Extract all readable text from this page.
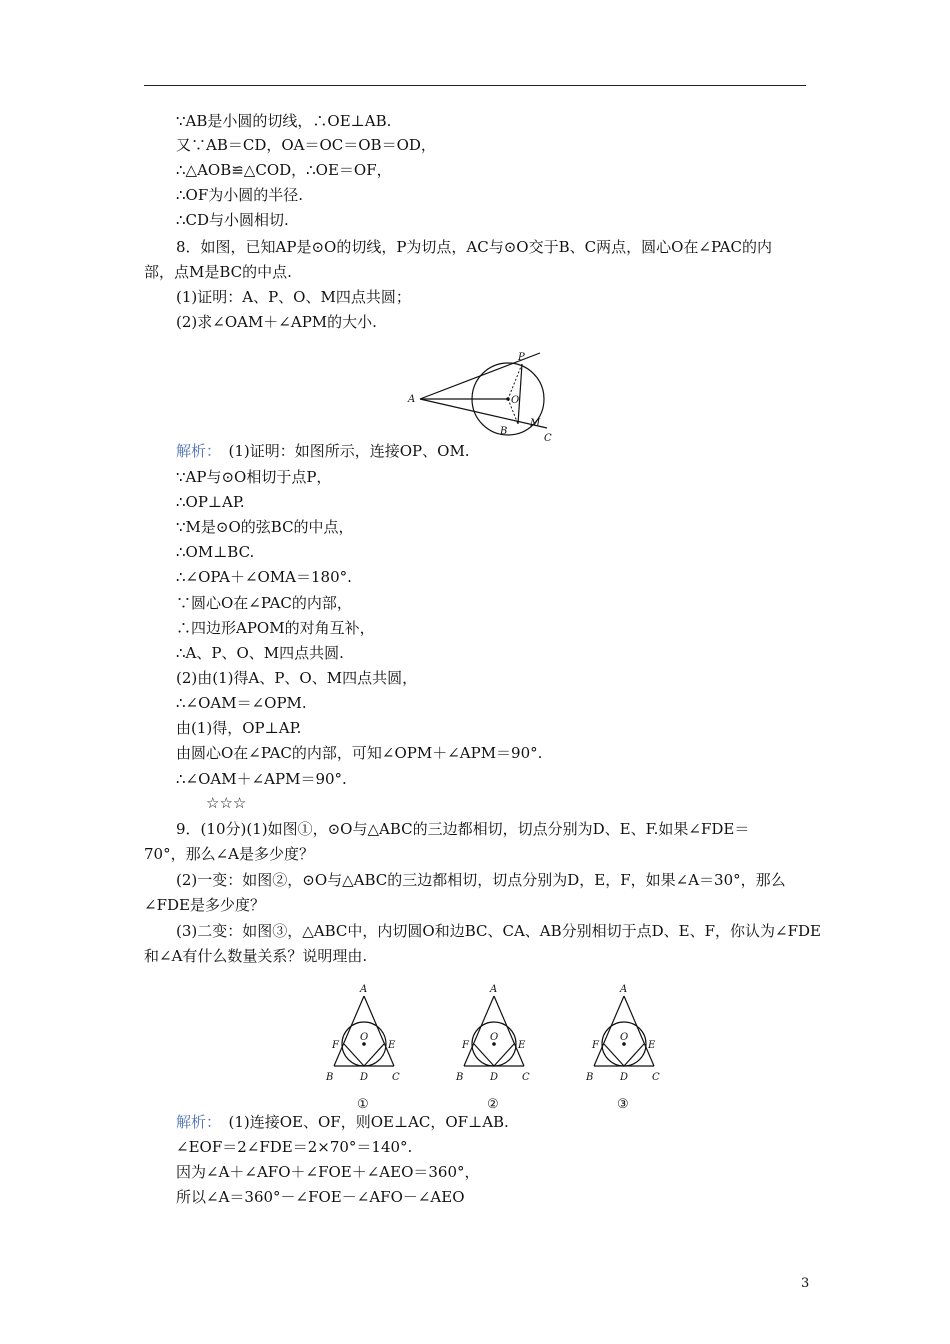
∵AB是小圆的切线，∴OE⊥AB.
又∵AB＝CD，OA＝OC＝OB＝OD，
∴△AOB≌△COD，∴OE＝OF，
∴OF为小圆的半径.
∴CD与小圆相切.
8．如图，已知AP是⊙O的切线，P为切点，AC与⊙O交于B、C两点，圆心O在∠PAC的内
部，点M是BC的中点.
(1)证明：A、P、O、M四点共圆；
(2)求∠OAM＋∠APM的大小.
解析：　(1)证明：如图所示，连接OP、OM.
∵AP与⊙O相切于点P，
∴OP⊥AP.
∵M是⊙O的弦BC的中点，
∴OM⊥BC.
∴∠OPA＋∠OMA＝180°.
∵圆心O在∠PAC的内部，
∴四边形APOM的对角互补，
∴A、P、O、M四点共圆.
(2)由(1)得A、P、O、M四点共圆，
∴∠OAM＝∠OPM.
由(1)得，OP⊥AP.
由圆心O在∠PAC的内部，可知∠OPM＋∠APM＝90°.
∴∠OAM＋∠APM＝90°.
☆☆☆
9．(10分)(1)如图①，⊙O与△ABC的三边都相切，切点分别为D、E、F.如果∠FDE＝
70°，那么∠A是多少度？
(2)一变：如图②，⊙O与△ABC的三边都相切，切点分别为D，E，F，如果∠A＝30°，那么
∠FDE是多少度？
(3)二变：如图③，△ABC中，内切圆O和边BC、CA、AB分别相切于点D、E、F，你认为∠FDE
和∠A有什么数量关系？说明理由.
解析：　(1)连接OE、OF，则OE⊥AC，OF⊥AB.
∠EOF＝2∠FDE＝2×70°＝140°.
因为∠A＋∠AFO＋∠FOE＋∠AEO＝360°，
所以∠A＝360°－∠FOE－∠AFO－∠AEO
P
A	O
B
M
C
A
F	E
O
B	D C
①
A
F	E
O
B	D C
②
A
F	E
O
B	D C
③
3
